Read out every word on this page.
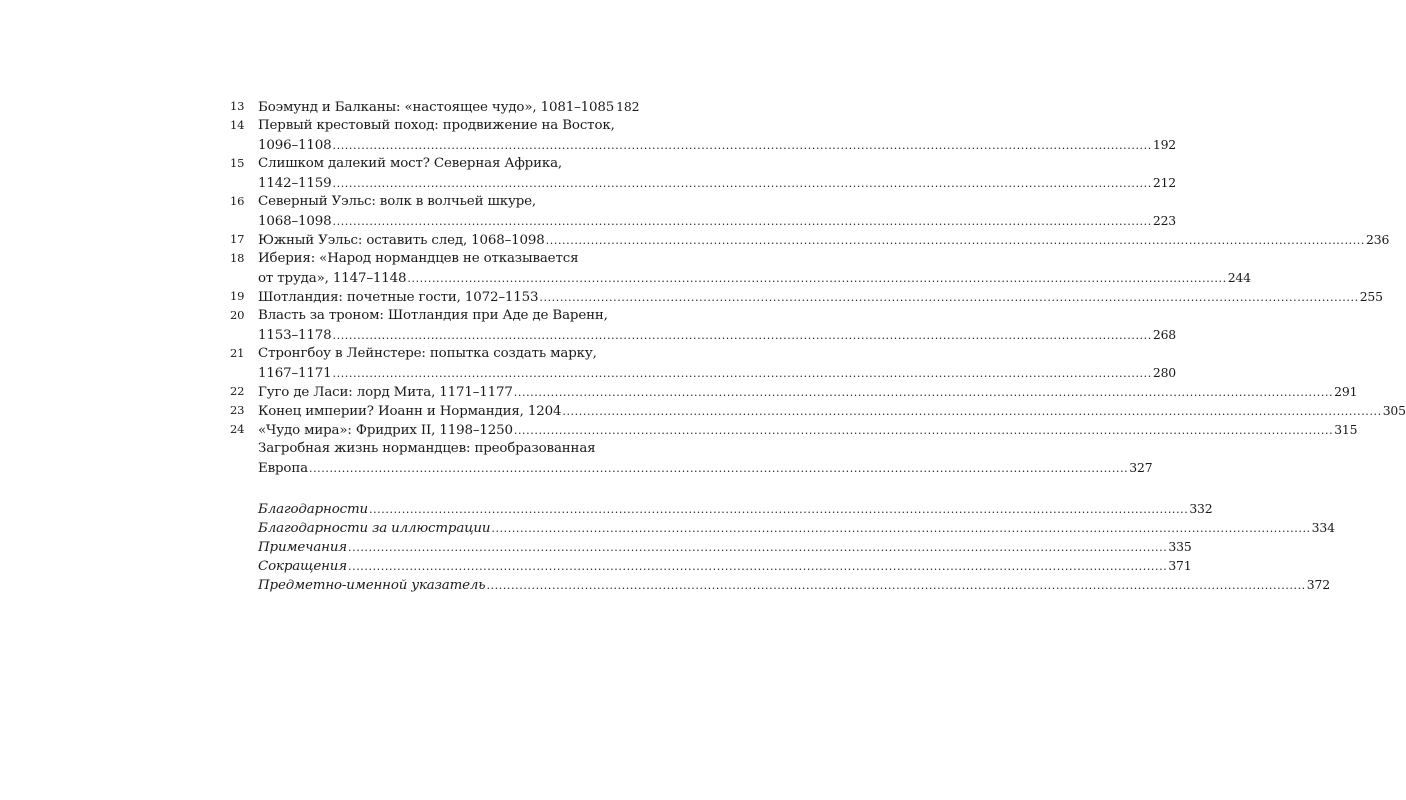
13	Боэмунд и Балканы: «настоящее чудо», 1081–1085 182
14	Первый крестовый поход: продвижение на Восток,
1096–1108 ........................................................................................................................................................................................................ 192
15	Слишком далекий мост? Северная Африка,
1142–1159 ........................................................................................................................................................................................................ 212
16	Северный Уэльс: волк в волчьей шкуре,
1068–1098 ........................................................................................................................................................................................................ 223
17	Южный Уэльс: оставить след, 1068–1098 ........................................................................................................................................................................................................ 236
18	Иберия: «Народ нормандцев не отказывается
от труда», 1147–1148 ........................................................................................................................................................................................................ 244
19	Шотландия: почетные гости, 1072–1153 ........................................................................................................................................................................................................ 255
20	Власть за троном: Шотландия при Аде де Варенн,
1153–1178 ........................................................................................................................................................................................................ 268
21	Стронгбоу в Лейнстере: попытка создать марку,
1167–1171 ........................................................................................................................................................................................................ 280
22	Гуго де Ласи: лорд Мита, 1171–1177 ........................................................................................................................................................................................................ 291
23	Конец империи? Иоанн и Нормандия, 1204 ........................................................................................................................................................................................................ 305
24	«Чудо мира»: Фридрих II, 1198–1250 ........................................................................................................................................................................................................ 315
Загробная жизнь нормандцев: преобразованная
Европа ........................................................................................................................................................................................................ 327
Благодарности ........................................................................................................................................................................................................ 332
Благодарности за иллюстрации ........................................................................................................................................................................................................ 334
Примечания ........................................................................................................................................................................................................ 335
Сокращения ........................................................................................................................................................................................................ 371
Предметно-именной указатель ........................................................................................................................................................................................................ 372
